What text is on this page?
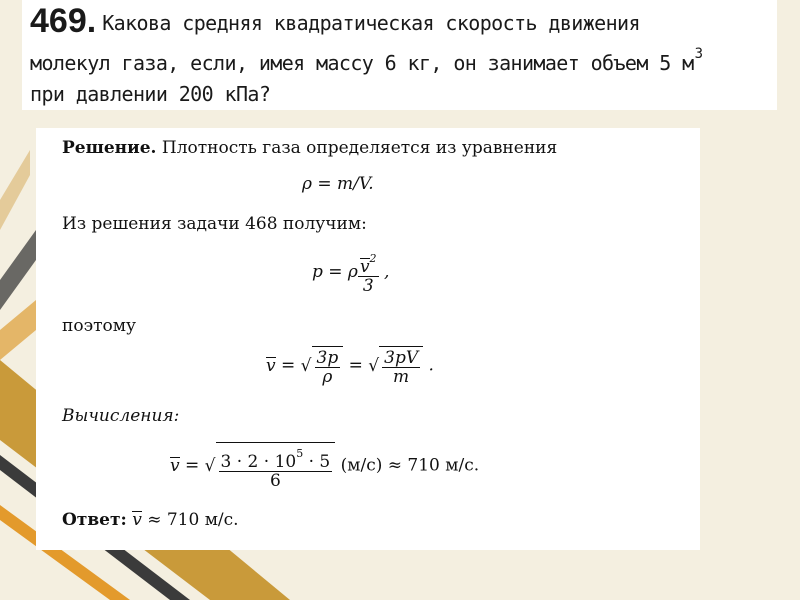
469. Какова средняя квадратическая скорость движения
молекул газа, если, имея массу 6 кг, он занимает объем 5 $м^3$
при давлении 200 кПа?
Решение. Плотность газа определяется из уравнения
ρ = m/V.
Из решения задачи 468 получим:
p = ρ $\frac{v^2}{3}$ ,
поэтому
v = √ $\frac{3p}{\rho}$ = √ $\frac{3pV}{m}$ .
Вычисления:
v = √ $\frac{3 \cdot 2 \cdot 10^5 \cdot 5}{6} (м/с) \approx 710$ м/с.
Ответ: v ≈ 710 м/с.
